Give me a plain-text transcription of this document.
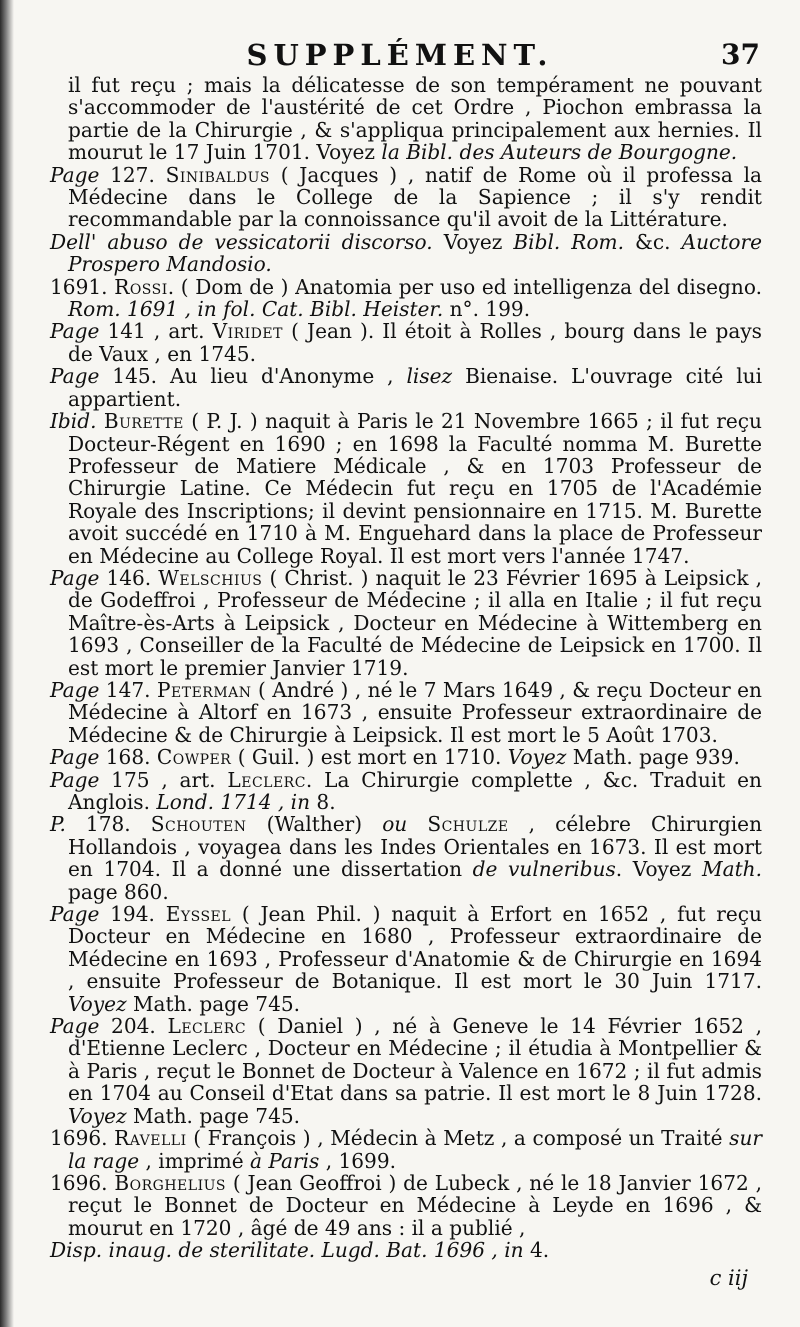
SUPPLÉMENT.	37

il fut reçu ; mais la délicatesse de son tempérament ne pouvant s'accommoder de l'austérité de cet Ordre , Piochon embrassa la partie de la Chirurgie , & s'appliqua principalement aux hernies. Il mourut le 17 Juin 1701. Voyez la Bibl. des Auteurs de Bourgogne.

Page 127. Sinibaldus ( Jacques ) , natif de Rome où il professa la Médecine dans le College de la Sapience ; il s'y rendit recommandable par la connoissance qu'il avoit de la Littérature.

Dell' abuso de vessicatorii discorso. Voyez Bibl. Rom. &c. Auctore Prospero Mandosio.

1691. Rossi. ( Dom de ) Anatomia per uso ed intelligenza del disegno. Rom. 1691 , in fol. Cat. Bibl. Heister. n°. 199.

Page 141 , art. Viridet ( Jean ). Il étoit à Rolles , bourg dans le pays de Vaux , en 1745.

Page 145. Au lieu d'Anonyme , lisez Bienaise. L'ouvrage cité lui appartient.

Ibid. Burette ( P. J. ) naquit à Paris le 21 Novembre 1665 ; il fut reçu Docteur-Régent en 1690 ; en 1698 la Faculté nomma M. Burette Professeur de Matiere Médicale , & en 1703 Professeur de Chirurgie Latine. Ce Médecin fut reçu en 1705 de l'Académie Royale des Inscriptions; il devint pensionnaire en 1715. M. Burette avoit succédé en 1710 à M. Enguehard dans la place de Professeur en Médecine au College Royal. Il est mort vers l'année 1747.

Page 146. Welschius ( Christ. ) naquit le 23 Février 1695 à Leipsick , de Godeffroi , Professeur de Médecine ; il alla en Italie ; il fut reçu Maître-ès-Arts à Leipsick , Docteur en Médecine à Wittemberg en 1693 , Conseiller de la Faculté de Médecine de Leipsick en 1700. Il est mort le premier Janvier 1719.

Page 147. Peterman ( André ) , né le 7 Mars 1649 , & reçu Docteur en Médecine à Altorf en 1673 , ensuite Professeur extraordinaire de Médecine & de Chirurgie à Leipsick. Il est mort le 5 Août 1703.

Page 168. Cowper ( Guil. ) est mort en 1710. Voyez Math. page 939.

Page 175 , art. Leclerc. La Chirurgie complette , &c. Traduit en Anglois. Lond. 1714 , in 8.

P. 178. Schouten (Walther) ou Schulze , célebre Chirurgien Hollandois , voyagea dans les Indes Orientales en 1673. Il est mort en 1704. Il a donné une dissertation de vulneribus. Voyez Math. page 860.

Page 194. Eyssel ( Jean Phil. ) naquit à Erfort en 1652 , fut reçu Docteur en Médecine en 1680 , Professeur extraordinaire de Médecine en 1693 , Professeur d'Anatomie & de Chirurgie en 1694 , ensuite Professeur de Botanique. Il est mort le 30 Juin 1717. Voyez Math. page 745.

Page 204. Leclerc ( Daniel ) , né à Geneve le 14 Février 1652 , d'Etienne Leclerc , Docteur en Médecine ; il étudia à Montpellier & à Paris , reçut le Bonnet de Docteur à Valence en 1672 ; il fut admis en 1704 au Conseil d'Etat dans sa patrie. Il est mort le 8 Juin 1728. Voyez Math. page 745.

1696. Ravelli ( François ) , Médecin à Metz , a composé un Traité sur la rage , imprimé à Paris , 1699.

1696. Borghelius ( Jean Geoffroi ) de Lubeck , né le 18 Janvier 1672 , reçut le Bonnet de Docteur en Médecine à Leyde en 1696 , & mourut en 1720 , âgé de 49 ans : il a publié ,

Disp. inaug. de sterilitate. Lugd. Bat. 1696 , in 4.

c iij
